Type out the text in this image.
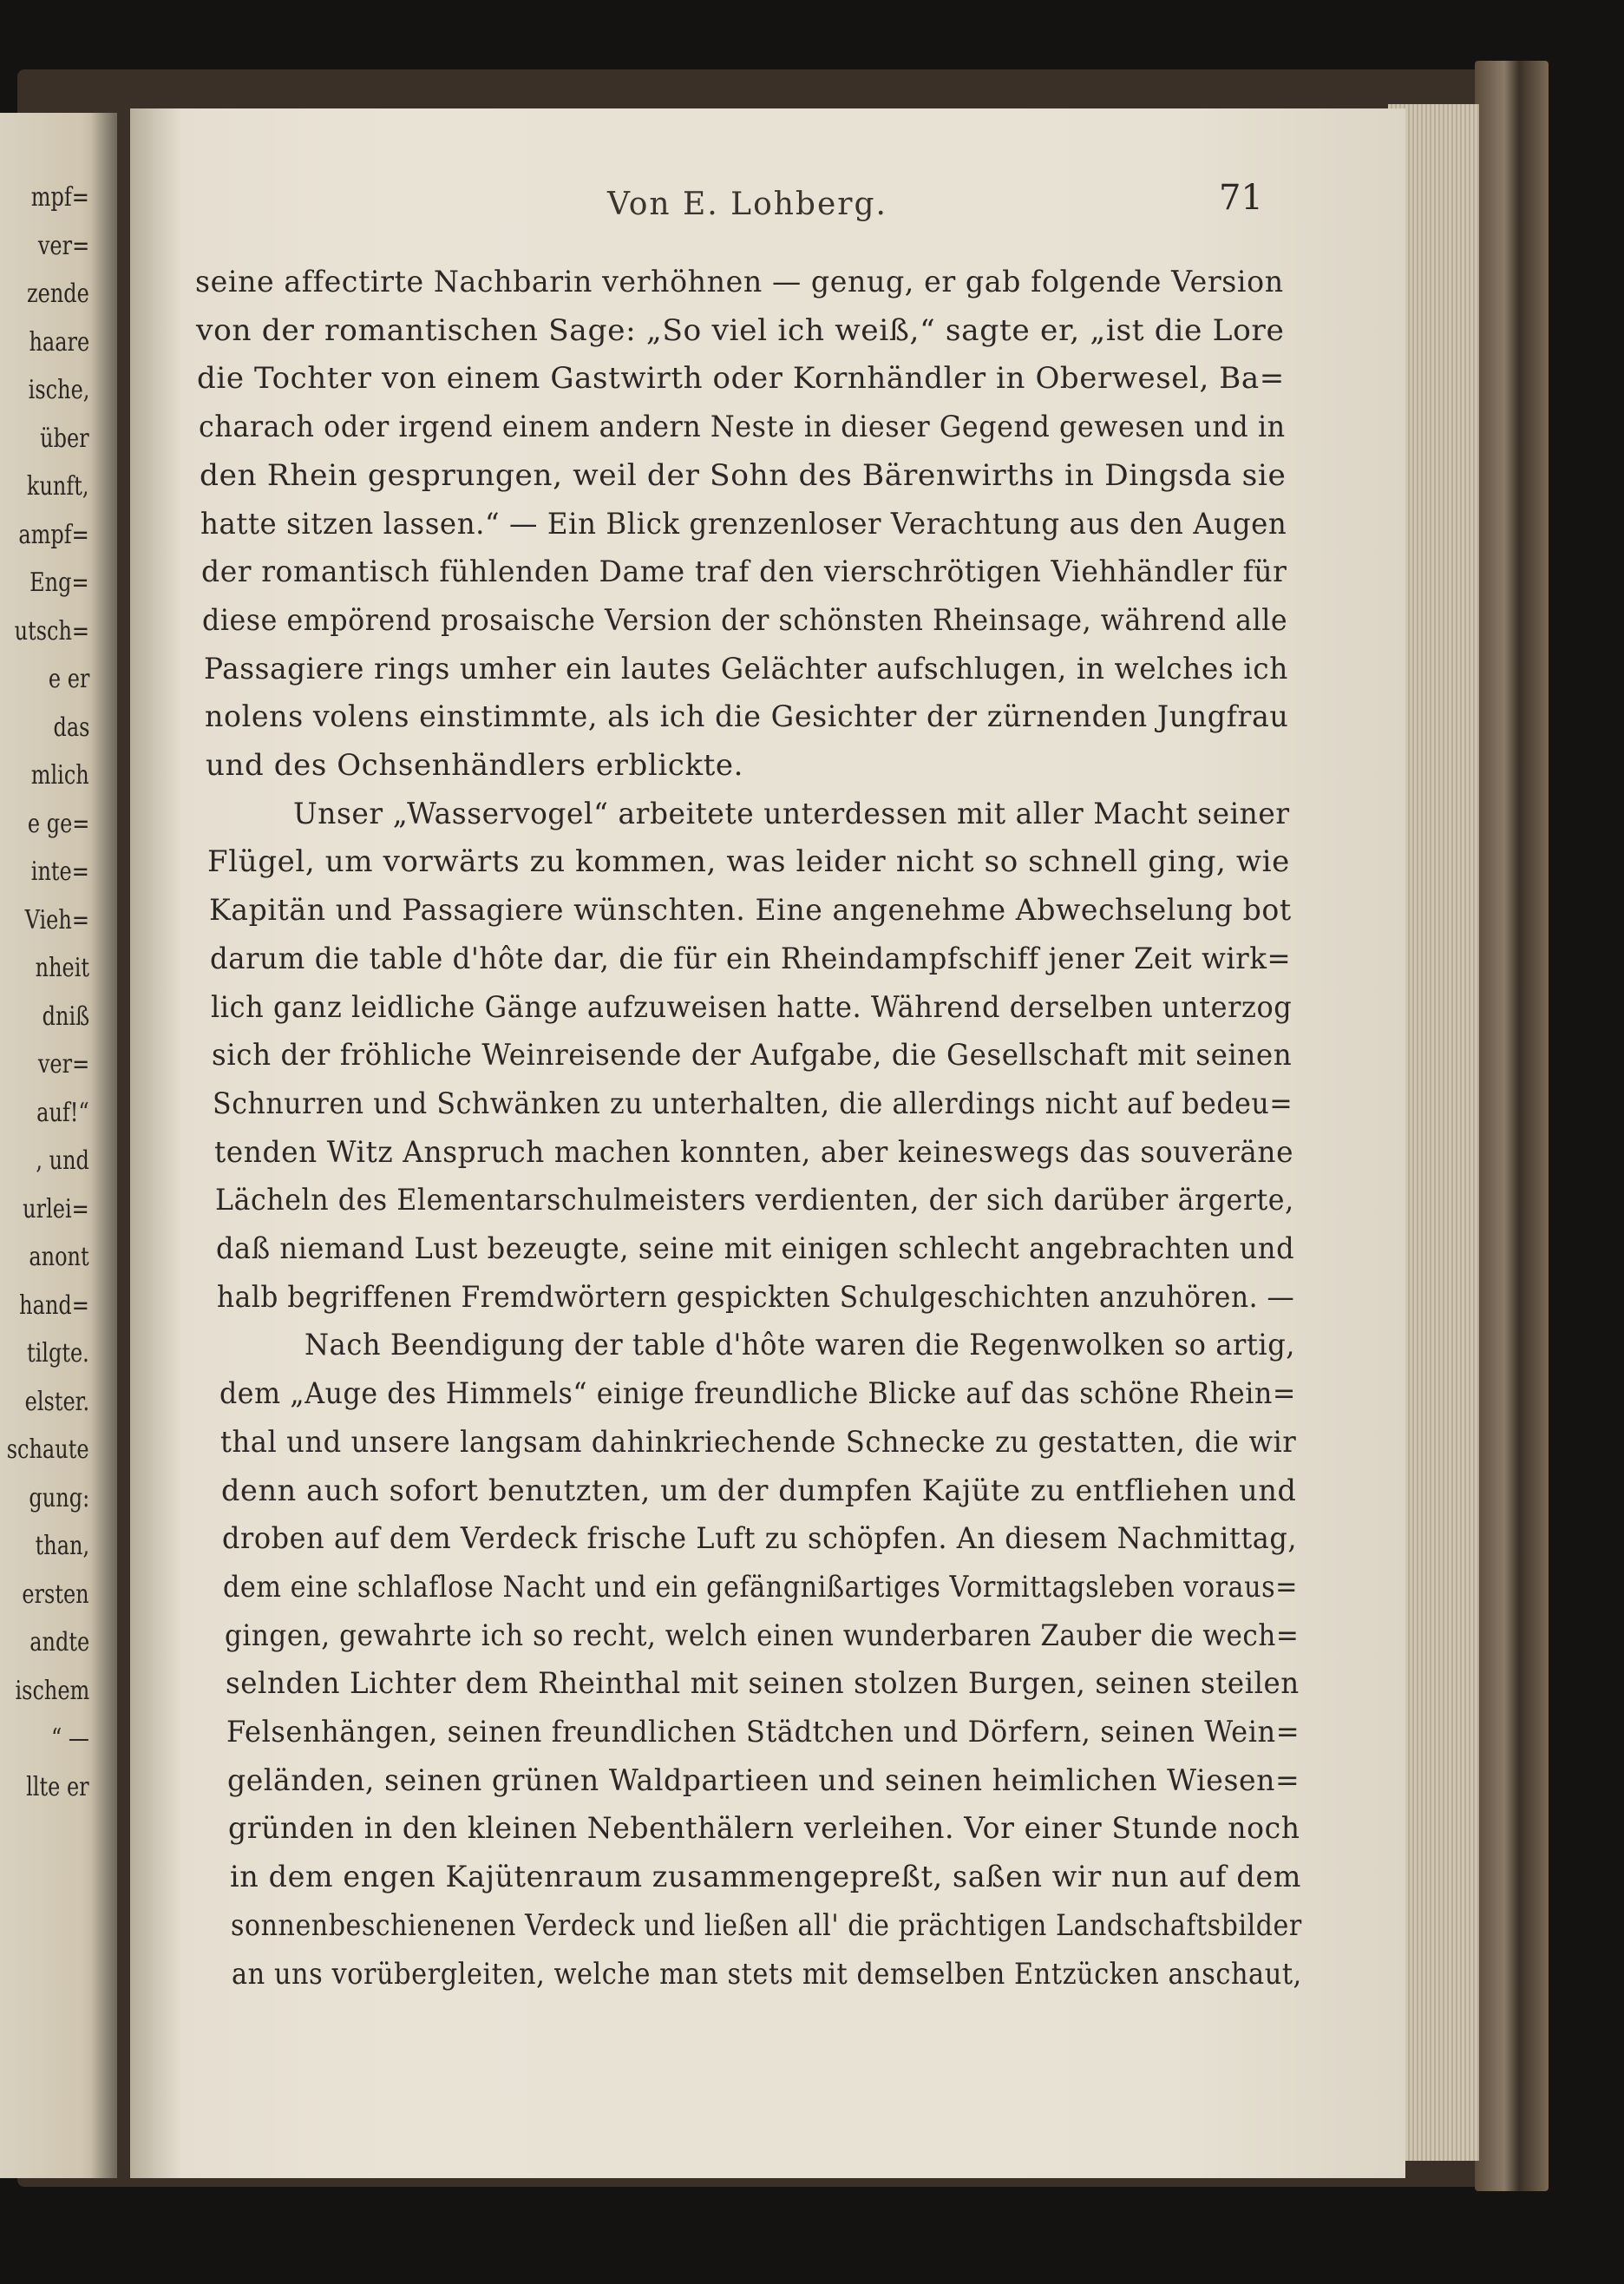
mpf=
ver=
zende
haare
ische,
über
kunft,
ampf=
Eng=
utsch=
e er
das
mlich
e ge=
inte=
Vieh=
nheit
dniß
ver=
auf!“
, und
urlei=
anont
hand=
tilgte.
elster.
schaute
gung:
than,
ersten
andte
ischem
“ —
llte er
Von E. Lohberg.	71
seine affectirte Nachbarin verhöhnen — genug, er gab folgende Version
von der romantischen Sage: „So viel ich weiß,“ sagte er, „ist die Lore
die Tochter von einem Gastwirth oder Kornhändler in Oberwesel, Ba=
charach oder irgend einem andern Neste in dieser Gegend gewesen und in
den Rhein gesprungen, weil der Sohn des Bärenwirths in Dingsda sie
hatte sitzen lassen.“ — Ein Blick grenzenloser Verachtung aus den Augen
der romantisch fühlenden Dame traf den vierschrötigen Viehhändler für
diese empörend prosaische Version der schönsten Rheinsage, während alle
Passagiere rings umher ein lautes Gelächter aufschlugen, in welches ich
nolens volens einstimmte, als ich die Gesichter der zürnenden Jungfrau
und des Ochsenhändlers erblickte.
Unser „Wasservogel“ arbeitete unterdessen mit aller Macht seiner
Flügel, um vorwärts zu kommen, was leider nicht so schnell ging, wie
Kapitän und Passagiere wünschten. Eine angenehme Abwechselung bot
darum die table d'hôte dar, die für ein Rheindampfschiff jener Zeit wirk=
lich ganz leidliche Gänge aufzuweisen hatte. Während derselben unterzog
sich der fröhliche Weinreisende der Aufgabe, die Gesellschaft mit seinen
Schnurren und Schwänken zu unterhalten, die allerdings nicht auf bedeu=
tenden Witz Anspruch machen konnten, aber keineswegs das souveräne
Lächeln des Elementarschulmeisters verdienten, der sich darüber ärgerte,
daß niemand Lust bezeugte, seine mit einigen schlecht angebrachten und
halb begriffenen Fremdwörtern gespickten Schulgeschichten anzuhören. —
Nach Beendigung der table d'hôte waren die Regenwolken so artig,
dem „Auge des Himmels“ einige freundliche Blicke auf das schöne Rhein=
thal und unsere langsam dahinkriechende Schnecke zu gestatten, die wir
denn auch sofort benutzten, um der dumpfen Kajüte zu entfliehen und
droben auf dem Verdeck frische Luft zu schöpfen. An diesem Nachmittag,
dem eine schlaflose Nacht und ein gefängnißartiges Vormittagsleben voraus=
gingen, gewahrte ich so recht, welch einen wunderbaren Zauber die wech=
selnden Lichter dem Rheinthal mit seinen stolzen Burgen, seinen steilen
Felsenhängen, seinen freundlichen Städtchen und Dörfern, seinen Wein=
geländen, seinen grünen Waldpartieen und seinen heimlichen Wiesen=
gründen in den kleinen Nebenthälern verleihen. Vor einer Stunde noch
in dem engen Kajütenraum zusammengepreßt, saßen wir nun auf dem
sonnenbeschienenen Verdeck und ließen all' die prächtigen Landschaftsbilder
an uns vorübergleiten, welche man stets mit demselben Entzücken anschaut,
